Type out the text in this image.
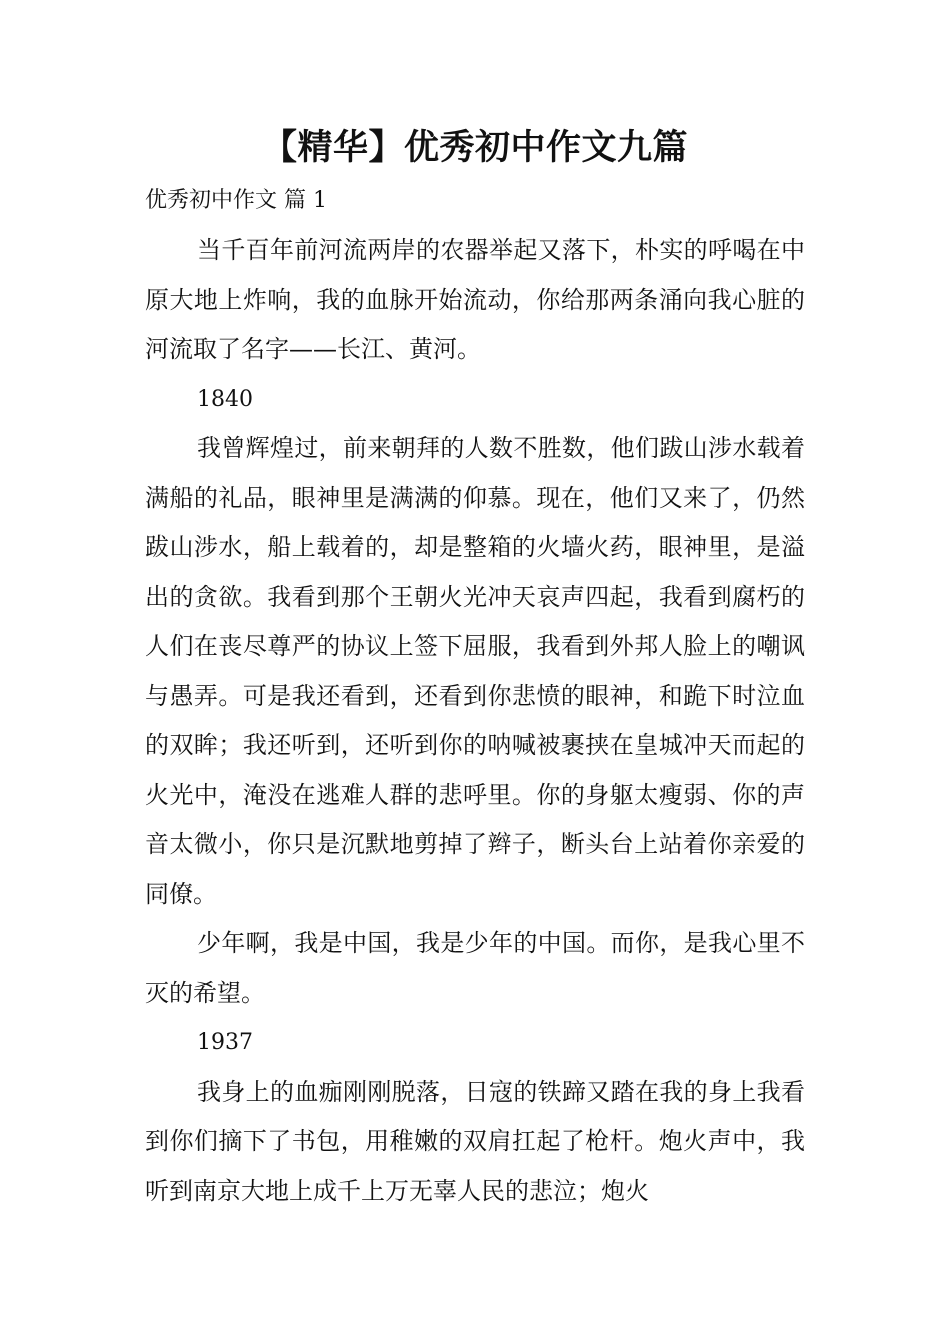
【精华】优秀初中作文九篇
优秀初中作文 篇 1

当千百年前河流两岸的农器举起又落下，朴实的呼喝在中原大地上炸响，我的血脉开始流动，你给那两条涌向我心脏的河流取了名字——长江、黄河。

1840

我曾辉煌过，前来朝拜的人数不胜数，他们跋山涉水载着满船的礼品，眼神里是满满的仰慕。现在，他们又来了，仍然跋山涉水，船上载着的，却是整箱的火墙火药，眼神里，是溢出的贪欲。我看到那个王朝火光冲天哀声四起，我看到腐朽的人们在丧尽尊严的协议上签下屈服，我看到外邦人脸上的嘲讽与愚弄。可是我还看到，还看到你悲愤的眼神，和跪下时泣血的双眸；我还听到，还听到你的呐喊被裹挟在皇城冲天而起的火光中，淹没在逃难人群的悲呼里。你的身躯太瘦弱、你的声音太微小，你只是沉默地剪掉了辫子，断头台上站着你亲爱的同僚。

少年啊，我是中国，我是少年的中国。而你，是我心里不灭的希望。

1937

我身上的血痂刚刚脱落，日寇的铁蹄又踏在我的身上我看到你们摘下了书包，用稚嫩的双肩扛起了枪杆。炮火声中，我听到南京大地上成千上万无辜人民的悲泣；炮火
